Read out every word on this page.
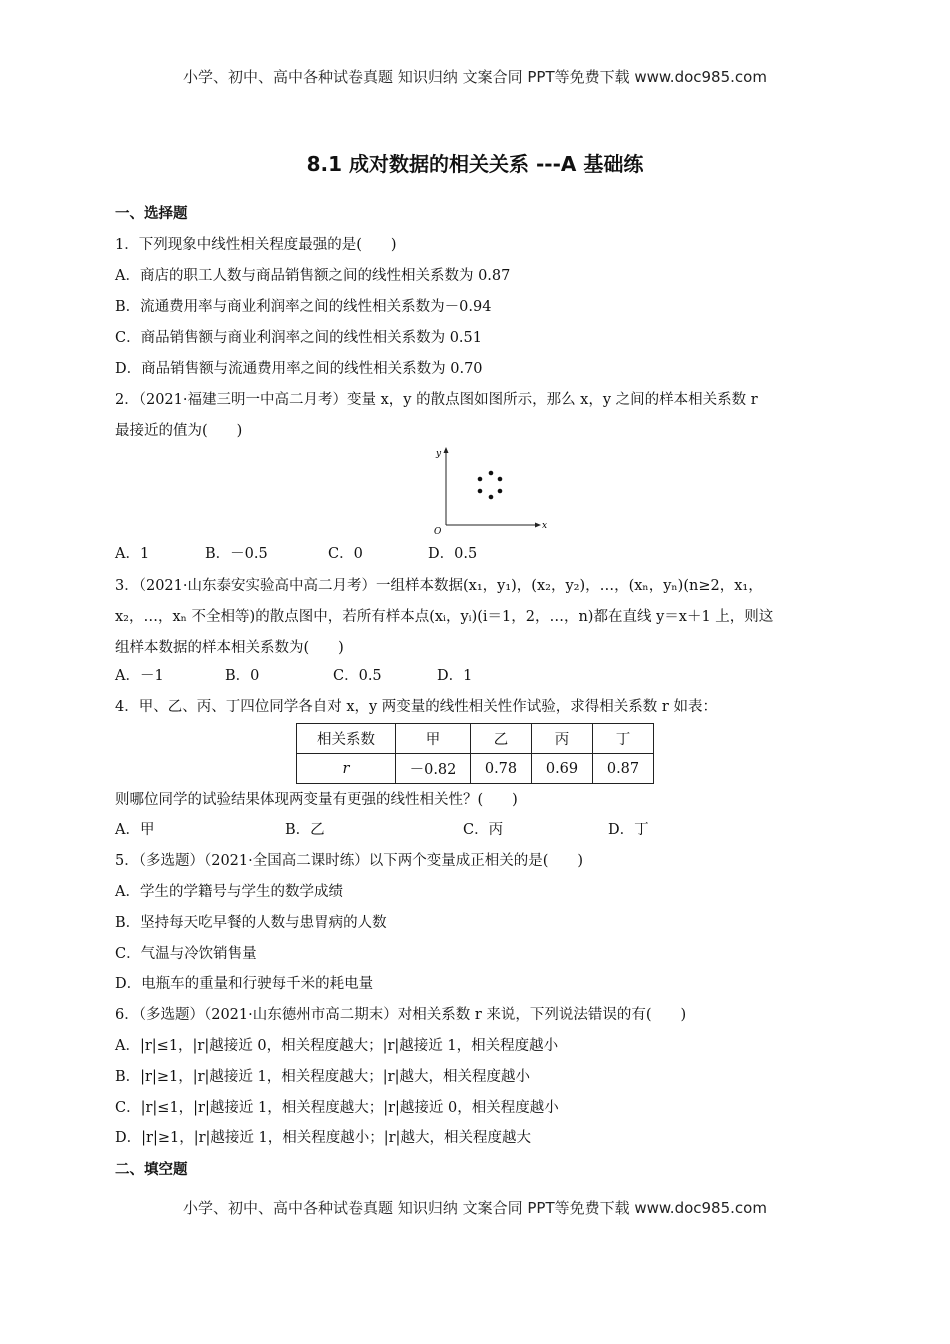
小学、初中、高中各种试卷真题 知识归纳 文案合同 PPT等免费下载 www.doc985.com
8.1 成对数据的相关关系 ---A 基础练
一、选择题
1．下列现象中线性相关程度最强的是(　　)
A．商店的职工人数与商品销售额之间的线性相关系数为 0.87
B．流通费用率与商业利润率之间的线性相关系数为－0.94
C．商品销售额与商业利润率之间的线性相关系数为 0.51
D．商品销售额与流通费用率之间的线性相关系数为 0.70
2．（2021·福建三明一中高二月考）变量 x，y 的散点图如图所示，那么 x，y 之间的样本相关系数 r
最接近的值为(　　)
y
x
O
A．1	B．－0.5	C．0	D．0.5
3．（2021·山东泰安实验高中高二月考）一组样本数据(x₁，y₁)，(x₂，y₂)，…，(xₙ，yₙ)(n≥2，x₁，
x₂，…，xₙ 不全相等)的散点图中，若所有样本点(xᵢ，yᵢ)(i＝1，2，…，n)都在直线 y＝x＋1 上，则这
组样本数据的样本相关系数为(　　)
A．－1	B．0	C．0.5	D．1
4．甲、乙、丙、丁四位同学各自对 x，y 两变量的线性相关性作试验，求得相关系数 r 如表：
相关系数	甲	乙	丙	丁
r	－0.82	0.78	0.69	0.87
则哪位同学的试验结果体现两变量有更强的线性相关性？(　　)
A．甲	B．乙	C．丙	D．丁
5．（多选题）（2021·全国高二课时练）以下两个变量成正相关的是(　　)
A．学生的学籍号与学生的数学成绩
B．坚持每天吃早餐的人数与患胃病的人数
C．气温与冷饮销售量
D．电瓶车的重量和行驶每千米的耗电量
6．（多选题）（2021·山东德州市高二期末）对相关系数 r 来说，下列说法错误的有(　　)
A．|r|≤1，|r|越接近 0，相关程度越大；|r|越接近 1，相关程度越小
B．|r|≥1，|r|越接近 1，相关程度越大；|r|越大，相关程度越小
C．|r|≤1，|r|越接近 1，相关程度越大；|r|越接近 0，相关程度越小
D．|r|≥1，|r|越接近 1，相关程度越小；|r|越大，相关程度越大
二、填空题
小学、初中、高中各种试卷真题 知识归纳 文案合同 PPT等免费下载 www.doc985.com
